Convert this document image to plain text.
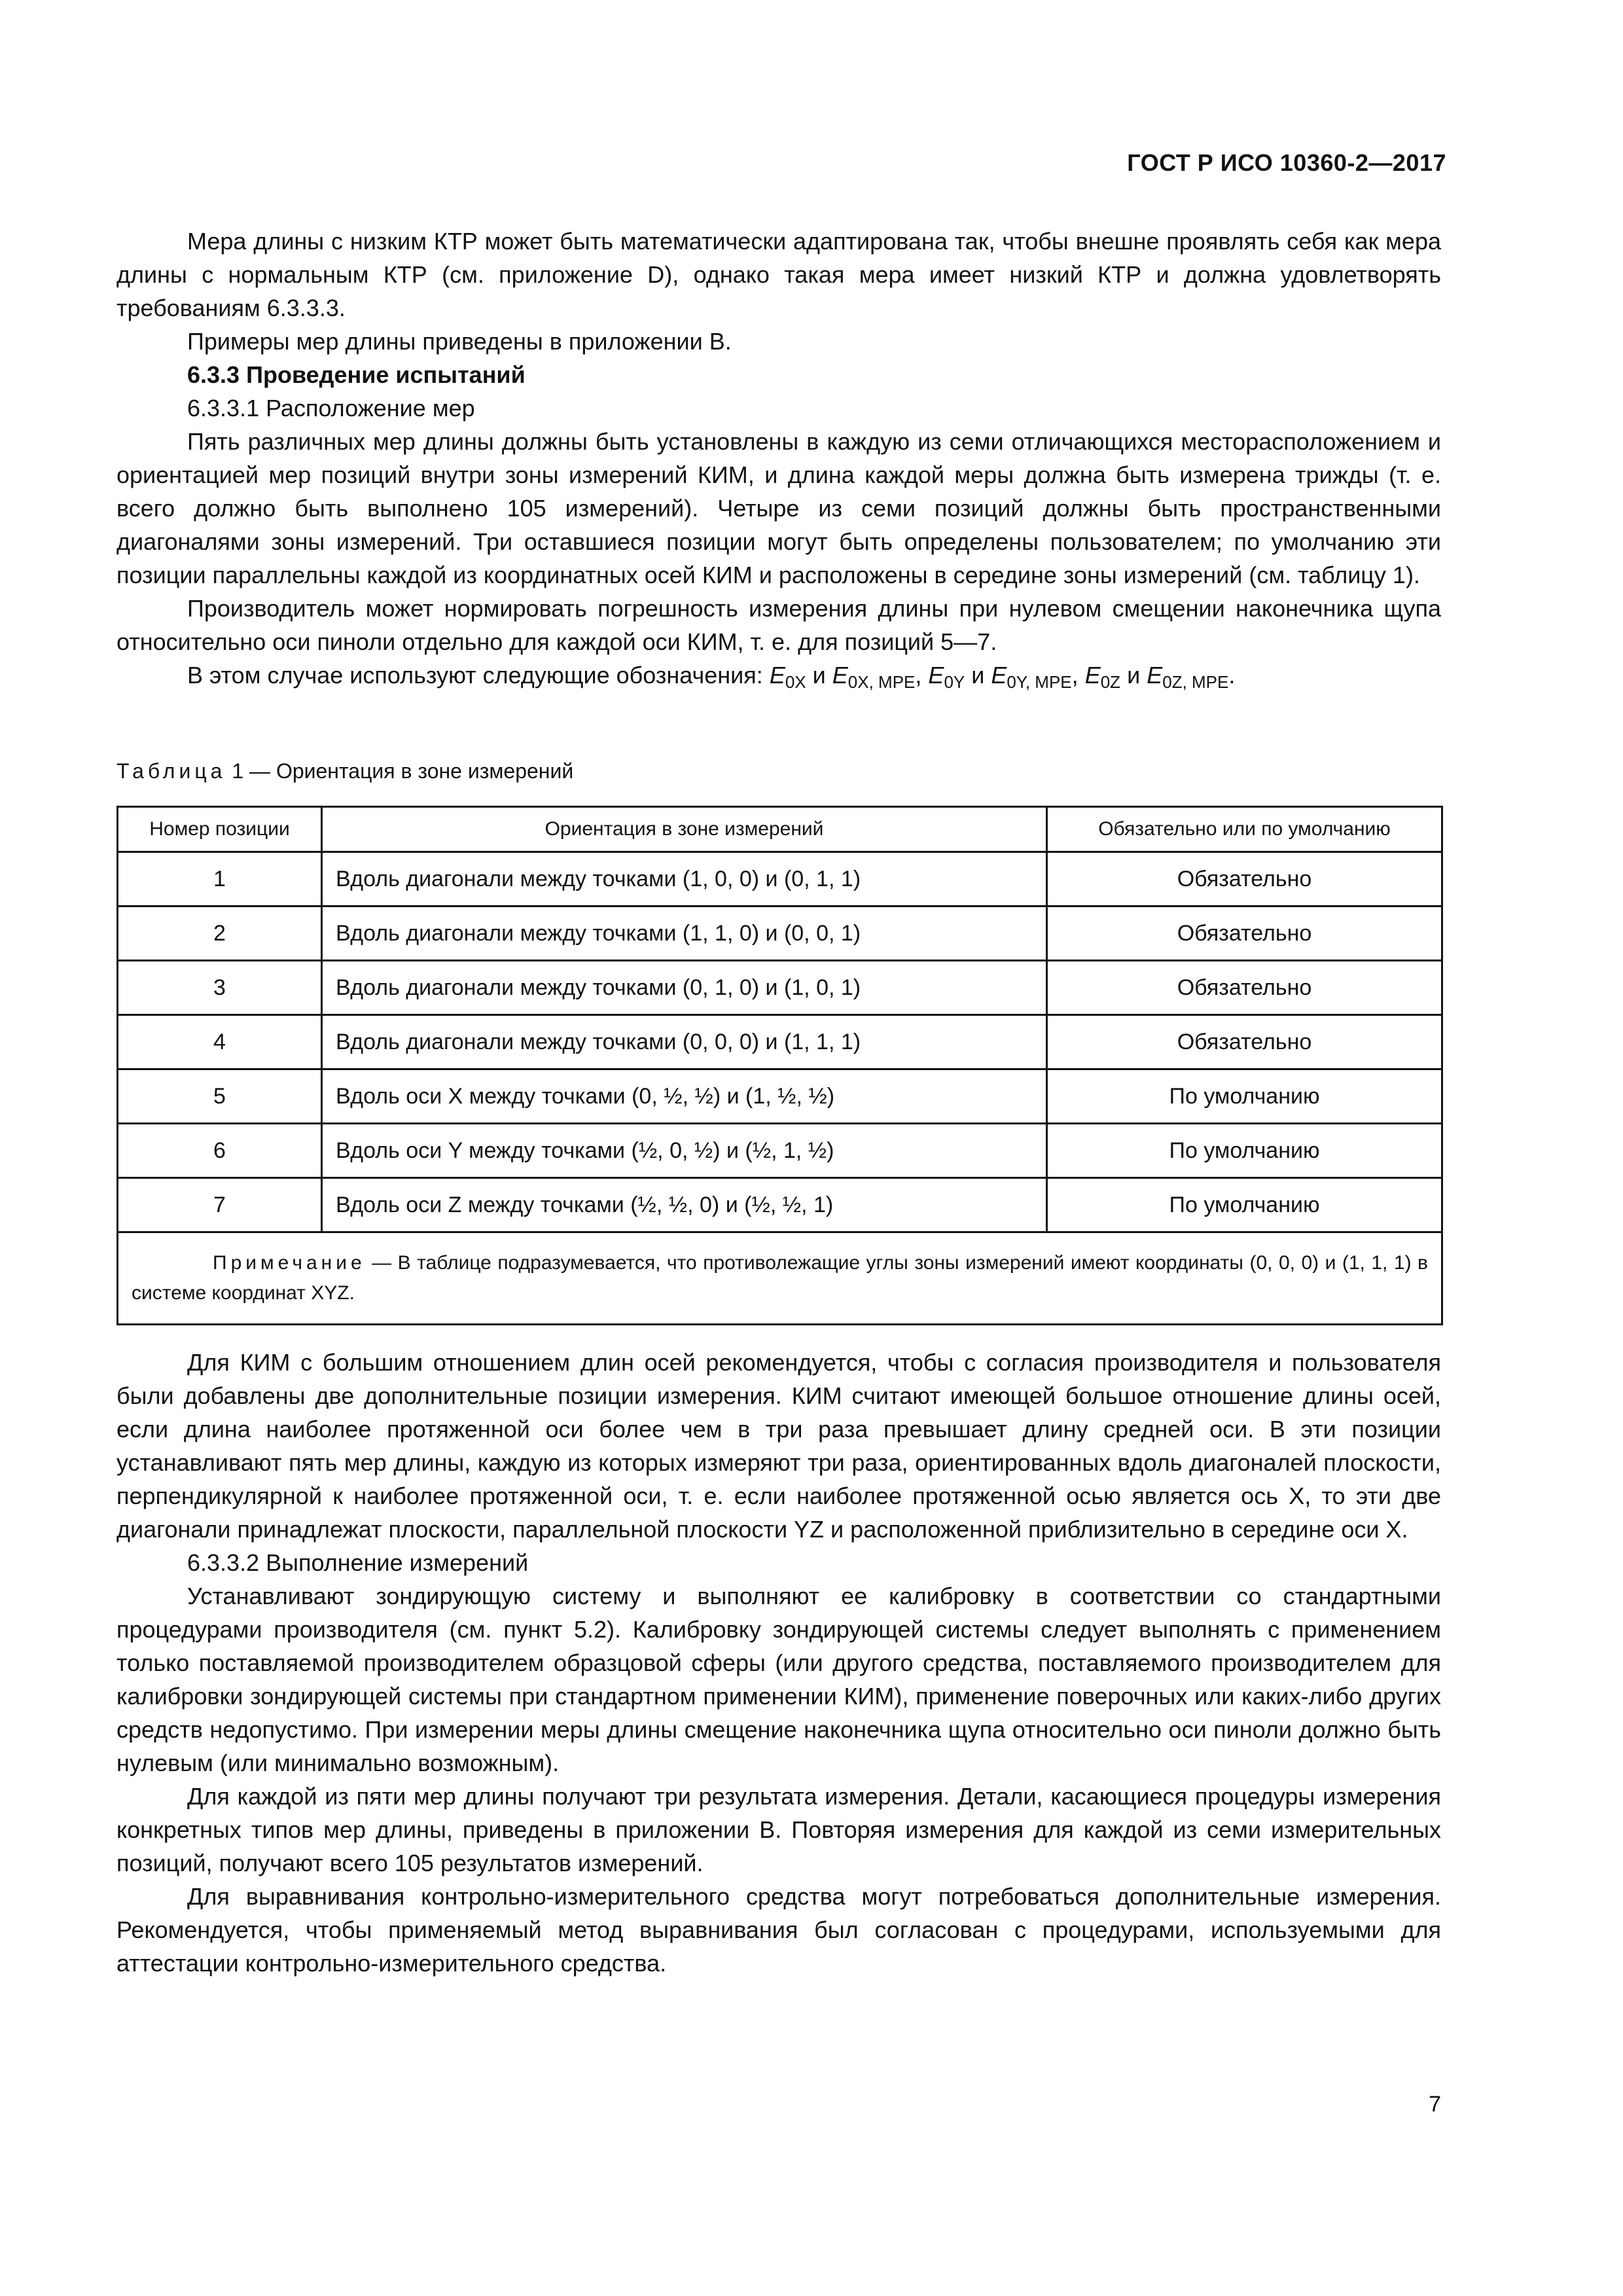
ГОСТ Р ИСО 10360-2—2017

Мера длины с низким КТР может быть математически адаптирована так, чтобы внешне проявлять себя как мера длины с нормальным КТР (см. приложение D), однако такая мера имеет низкий КТР и должна удовлетворять требованиям 6.3.3.3.

Примеры мер длины приведены в приложении В.

6.3.3 Проведение испытаний

6.3.3.1 Расположение мер

Пять различных мер длины должны быть установлены в каждую из семи отличающихся месторасположением и ориентацией мер позиций внутри зоны измерений КИМ, и длина каждой меры должна быть измерена трижды (т. е. всего должно быть выполнено 105 измерений). Четыре из семи позиций должны быть пространственными диагоналями зоны измерений. Три оставшиеся позиции могут быть определены пользователем; по умолчанию эти позиции параллельны каждой из координатных осей КИМ и расположены в середине зоны измерений (см. таблицу 1).

Производитель может нормировать погрешность измерения длины при нулевом смещении наконечника щупа относительно оси пиноли отдельно для каждой оси КИМ, т. е. для позиций 5—7.

В этом случае используют следующие обозначения: $E_{0X}$ и $E_{0X, MPE}$, $E_{0Y}$ и $E_{0Y, MPE}$, $E_{0Z}$ и $E_{0Z, MPE}$.

Таблица 1 — Ориентация в зоне измерений
Номер позиции	Ориентация в зоне измерений	Обязательно или по умолчанию
1	Вдоль диагонали между точками (1, 0, 0) и (0, 1, 1)	Обязательно
2	Вдоль диагонали между точками (1, 1, 0) и (0, 0, 1)	Обязательно
3	Вдоль диагонали между точками (0, 1, 0) и (1, 0, 1)	Обязательно
4	Вдоль диагонали между точками (0, 0, 0) и (1, 1, 1)	Обязательно
5	Вдоль оси X между точками (0, ½, ½) и (1, ½, ½)	По умолчанию
6	Вдоль оси Y между точками (½, 0, ½) и (½, 1, ½)	По умолчанию
7	Вдоль оси Z между точками (½, ½, 0) и (½, ½, 1)	По умолчанию
Примечание — В таблице подразумевается, что противолежащие углы зоны измерений имеют координаты (0, 0, 0) и (1, 1, 1) в системе координат XYZ.		

Для КИМ с большим отношением длин осей рекомендуется, чтобы с согласия производителя и пользователя были добавлены две дополнительные позиции измерения. КИМ считают имеющей большое отношение длины осей, если длина наиболее протяженной оси более чем в три раза превышает длину средней оси. В эти позиции устанавливают пять мер длины, каждую из которых измеряют три раза, ориентированных вдоль диагоналей плоскости, перпендикулярной к наиболее протяженной оси, т. е. если наиболее протяженной осью является ось X, то эти две диагонали принадлежат плоскости, параллельной плоскости YZ и расположенной приблизительно в середине оси X.

6.3.3.2 Выполнение измерений

Устанавливают зондирующую систему и выполняют ее калибровку в соответствии со стандартными процедурами производителя (см. пункт 5.2). Калибровку зондирующей системы следует выполнять с применением только поставляемой производителем образцовой сферы (или другого средства, поставляемого производителем для калибровки зондирующей системы при стандартном применении КИМ), применение поверочных или каких-либо других средств недопустимо. При измерении меры длины смещение наконечника щупа относительно оси пиноли должно быть нулевым (или минимально возможным).

Для каждой из пяти мер длины получают три результата измерения. Детали, касающиеся процедуры измерения конкретных типов мер длины, приведены в приложении В. Повторяя измерения для каждой из семи измерительных позиций, получают всего 105 результатов измерений.

Для выравнивания контрольно-измерительного средства могут потребоваться дополнительные измерения. Рекомендуется, чтобы применяемый метод выравнивания был согласован с процедурами, используемыми для аттестации контрольно-измерительного средства.

7
